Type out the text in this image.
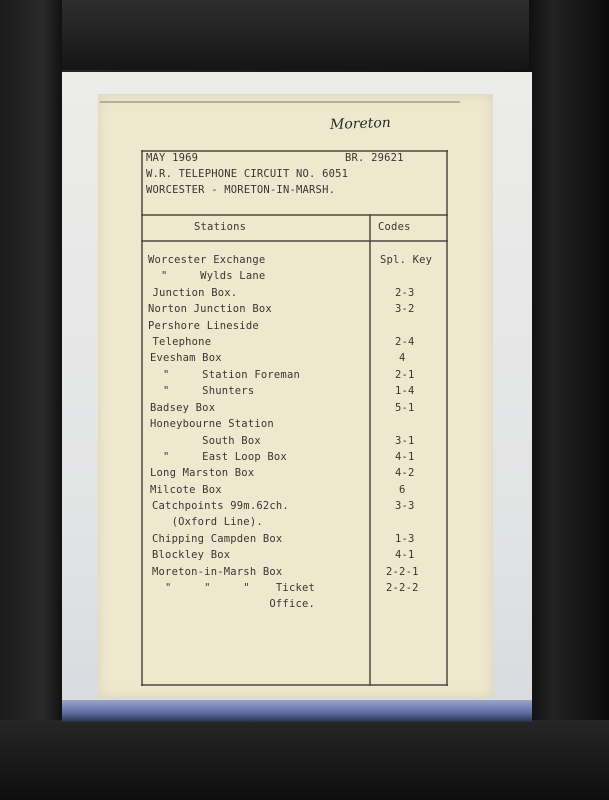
Moreton
MAY 1969	BR. 29621
W.R. TELEPHONE CIRCUIT NO. 6051
WORCESTER - MORETON-IN-MARSH.
Stations	Codes
Worcester Exchange	Spl. Key
"     Wylds Lane
Junction Box.	2-3
Norton Junction Box	3-2
Pershore Lineside
Telephone	2-4
Evesham Box	4
"     Station Foreman	2-1
"     Shunters	1-4
Badsey Box	5-1
Honeybourne Station
South Box	3-1
"     East Loop Box	4-1
Long Marston Box	4-2
Milcote Box	6
Catchpoints 99m.62ch.	3-3
(Oxford Line).
Chipping Campden Box	1-3
Blockley Box	4-1
Moreton-in-Marsh Box	2-2-1
"     "     "    Ticket	2-2-2
Office.
